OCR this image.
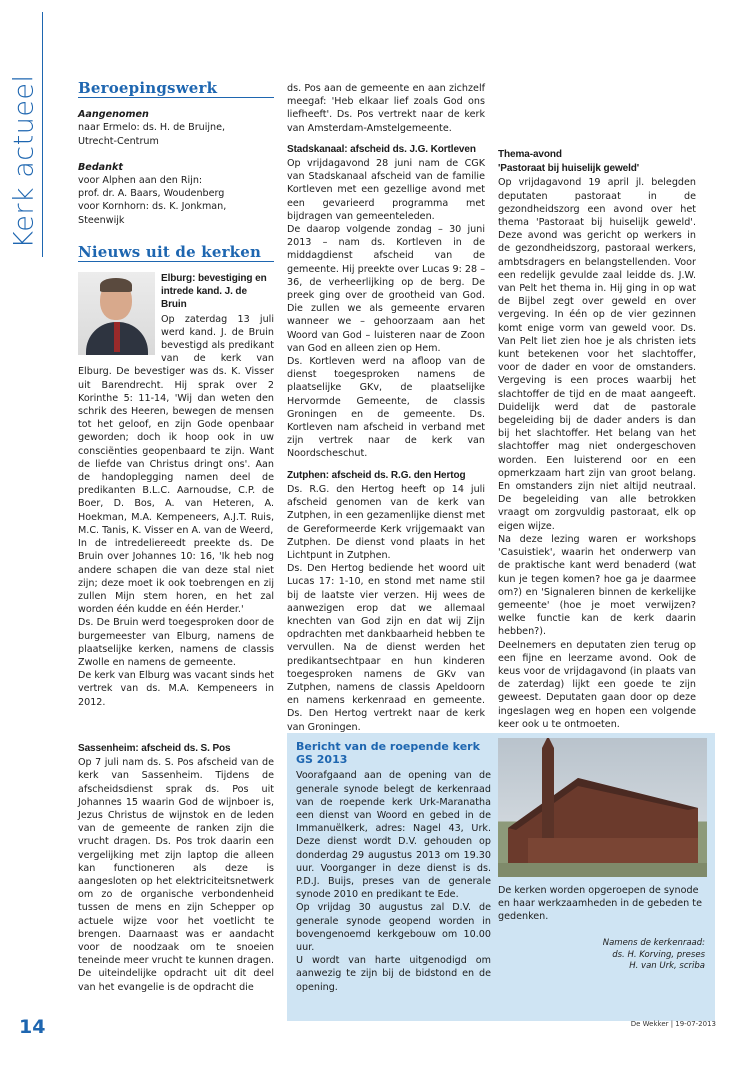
Kerk actueel	Beroepingswerk
Aangenomen
naar Ermelo: ds. H. de Bruijne,
Utrecht-Centrum
Bedankt
voor Alphen aan den Rijn:
prof. dr. A. Baars, Woudenberg
voor Kornhorn: ds. K. Jonkman, Steenwijk
Nieuws uit de kerken
Elburg: bevestiging en intrede kand. J. de Bruin

Op zaterdag 13 juli werd kand. J. de Bruin bevestigd als predikant van de kerk van Elburg. De bevestiger was ds. K. Visser uit Barendrecht. Hij sprak over 2 Korinthe 5: 11-14, 'Wij dan weten den schrik des Heeren, bewegen de mensen tot het geloof, en zijn Gode openbaar geworden; doch ik hoop ook in uw consciënties geopenbaard te zijn. Want de liefde van Christus dringt ons'. Aan de handoplegging namen deel de predikanten B.L.C. Aarnoudse, C.P. de Boer, D. Bos, A. van Heteren, A. Hoekman, M.A. Kempeneers, A.J.T. Ruis, M.C. Tanis, K. Visser en A. van de Weerd,

In de intredeliereedt preekte ds. De Bruin over Johannes 10: 16, 'Ik heb nog andere schapen die van deze stal niet zijn; deze moet ik ook toebrengen en zij zullen Mijn stem horen, en het zal worden één kudde en één Herder.'

Ds. De Bruin werd toegesproken door de burgemeester van Elburg, namens de plaatselijke kerken, namens de classis Zwolle en namens de gemeente.

De kerk van Elburg was vacant sinds het vertrek van ds. M.A. Kempeneers in 2012.

Sassenheim: afscheid ds. S. Pos

Op 7 juli nam ds. S. Pos afscheid van de kerk van Sassenheim. Tijdens de afscheidsdienst sprak ds. Pos uit Johannes 15 waarin God de wijnboer is, Jezus Christus de wijnstok en de leden van de gemeente de ranken zijn die vrucht dragen. Ds. Pos trok daarin een vergelijking met zijn laptop die alleen kan functioneren als deze is aangesloten op het elektriciteitsnetwerk om zo de organische verbondenheid tussen de mens en zijn Schepper op actuele wijze voor het voetlicht te brengen. Daarnaast was er aandacht voor de noodzaak om te snoeien teneinde meer vrucht te kunnen dragen. De uiteindelijke opdracht uit dit deel van het evangelie is de opdracht die

ds. Pos aan de gemeente en aan zichzelf meegaf: 'Heb elkaar lief zoals God ons liefheeft'. Ds. Pos vertrekt naar de kerk van Amsterdam-Amstelgemeente.

Stadskanaal: afscheid ds. J.G. Kortleven

Op vrijdagavond 28 juni nam de CGK van Stadskanaal afscheid van de familie Kortleven met een gezellige avond met een gevarieerd programma met bijdragen van gemeenteleden.

De daarop volgende zondag – 30 juni 2013 – nam ds. Kortleven in de middagdienst afscheid van de gemeente. Hij preekte over Lucas 9: 28 – 36, de verheerlijking op de berg. De preek ging over de grootheid van God. Die zullen we als gemeente ervaren wanneer we – gehoorzaam aan het Woord van God – luisteren naar de Zoon van God en alleen zien op Hem.

Ds. Kortleven werd na afloop van de dienst toegesproken namens de plaatselijke GKv, de plaatselijke Hervormde Gemeente, de classis Groningen en de gemeente. Ds. Kortleven nam afscheid in verband met zijn vertrek naar de kerk van Noordscheschut.

Zutphen: afscheid ds. R.G. den Hertog

Ds. R.G. den Hertog heeft op 14 juli afscheid genomen van de kerk van Zutphen, in een gezamenlijke dienst met de Gereformeerde Kerk vrijgemaakt van Zutphen. De dienst vond plaats in het Lichtpunt in Zutphen.

Ds. Den Hertog bediende het woord uit Lucas 17: 1-10, en stond met name stil bij de laatste vier verzen. Hij wees de aanwezigen erop dat we allemaal knechten van God zijn en dat wij Zijn opdrachten met dankbaarheid hebben te vervullen. Na de dienst werden het predikantsechtpaar en hun kinderen toegesproken namens de GKv van Zutphen, namens de classis Apeldoorn en namens kerkenraad en gemeente. Ds. Den Hertog vertrekt naar de kerk van Groningen.

Thema-avond
'Pastoraat bij huiselijk geweld'

Op vrijdagavond 19 april jl. belegden deputaten pastoraat in de gezondheidszorg een avond over het thema 'Pastoraat bij huiselijk geweld'. Deze avond was gericht op werkers in de gezondheidszorg, pastoraal werkers, ambtsdragers en belangstellenden. Voor een redelijk gevulde zaal leidde ds. J.W. van Pelt het thema in. Hij ging in op wat de Bijbel zegt over geweld en over vergeving. In één op de vier gezinnen komt enige vorm van geweld voor. Ds. Van Pelt liet zien hoe je als christen iets kunt betekenen voor het slachtoffer, voor de dader en voor de omstanders. Vergeving is een proces waarbij het slachtoffer de tijd en de maat aangeeft. Duidelijk werd dat de pastorale begeleiding bij de dader anders is dan bij het slachtoffer. Het belang van het slachtoffer mag niet ondergeschoven worden. Een luisterend oor en een opmerkzaam hart zijn van groot belang. En omstanders zijn niet altijd neutraal. De begeleiding van alle betrokken vraagt om zorgvuldig pastoraat, elk op eigen wijze.

Na deze lezing waren er workshops 'Casuistiek', waarin het onderwerp van de praktische kant werd benaderd (wat kun je tegen komen? hoe ga je daarmee om?) en 'Signaleren binnen de kerkelijke gemeente' (hoe je moet verwijzen? welke functie kan de kerk daarin hebben?).

Deelnemers en deputaten zien terug op een fijne en leerzame avond. Ook de keus voor de vrijdagavond (in plaats van de zaterdag) lijkt een goede te zijn geweest. Deputaten gaan door op deze ingeslagen weg en hopen een volgende keer ook u te ontmoeten.

Bericht van de roepende kerk GS 2013

Voorafgaand aan de opening van de generale synode belegt de kerkenraad van de roepende kerk Urk-Maranatha een dienst van Woord en gebed in de Immanuëlkerk, adres: Nagel 43, Urk. Deze dienst wordt D.V. gehouden op donderdag 29 augustus 2013 om 19.30 uur. Voorganger in deze dienst is ds. P.D.J. Buijs, preses van de generale synode 2010 en predikant te Ede.

Op vrijdag 30 augustus zal D.V. de generale synode geopend worden in bovengenoemd kerkgebouw om 10.00 uur.

U wordt van harte uitgenodigd om aanwezig te zijn bij de bidstond en de opening.

De kerken worden opgeroepen de synode en haar werkzaamheden in de gebeden te gedenken.
Namens de kerkenraad:
ds. H. Korving, preses
H. van Urk, scriba
14	De Wekker | 19-07-2013
